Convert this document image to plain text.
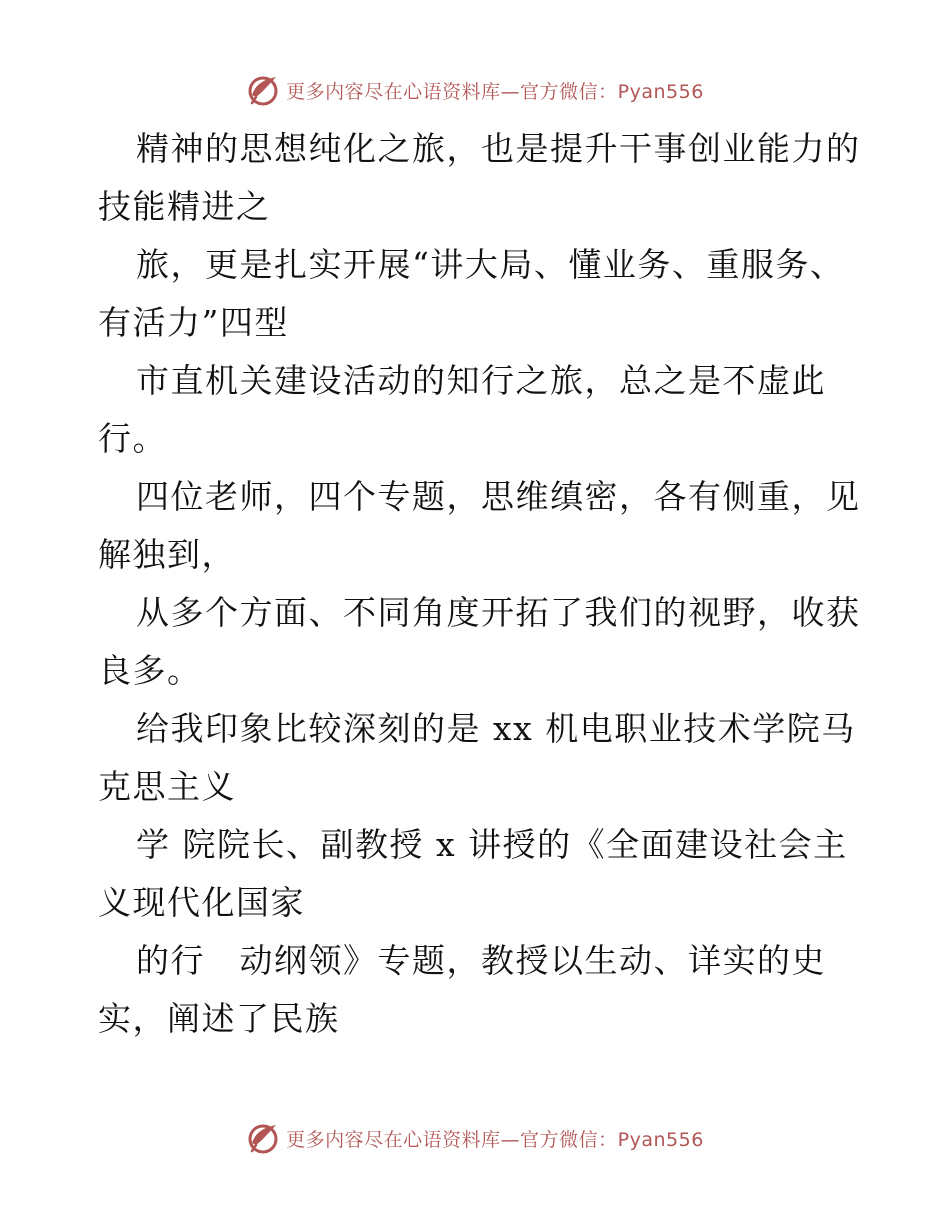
更多内容尽在心语资料库—官方微信：Pyan556

精神的思想纯化之旅，也是提升干事创业能力的
技能精进之

旅，更是扎实开展“讲大局、懂业务、重服务、
有活力”四型

市直机关建设活动的知行之旅，总之是不虚此
行。

四位老师，四个专题，思维缜密，各有侧重，见
解独到，

从多个方面、不同角度开拓了我们的视野，收获
良多。

给我印象比较深刻的是 xx 机电职业技术学院马
克思主义

学 院院长、副教授 x 讲授的《全面建设社会主
义现代化国家

的行　动纲领》专题，教授以生动、详实的史
实，阐述了民族

更多内容尽在心语资料库—官方微信：Pyan556
